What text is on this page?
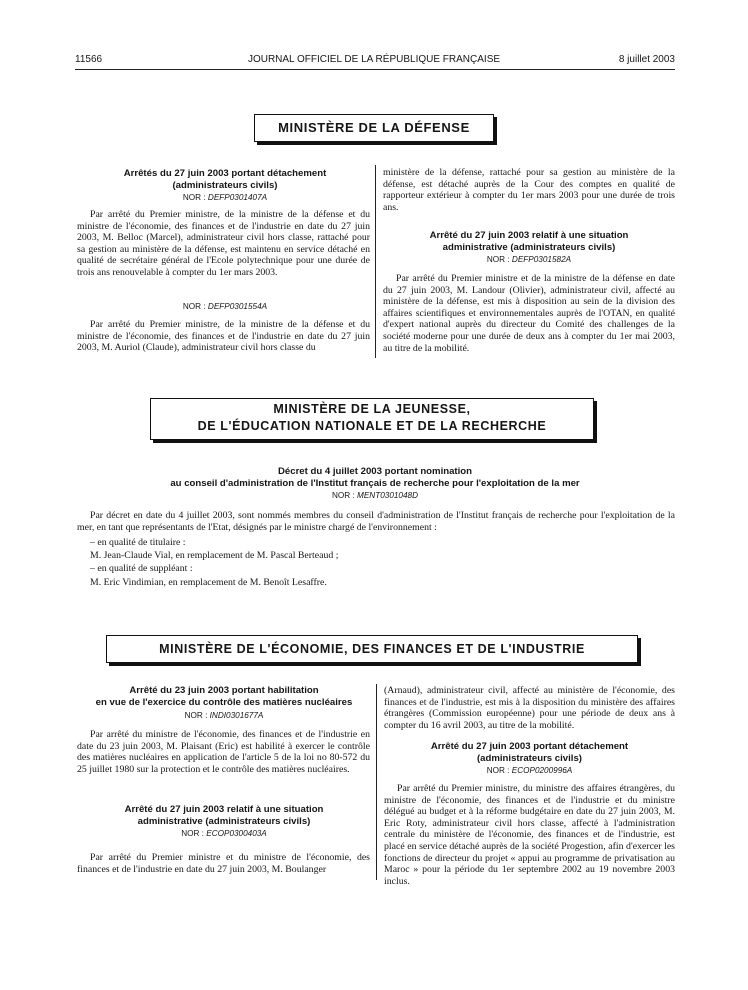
11566	JOURNAL OFFICIEL DE LA RÉPUBLIQUE FRANÇAISE	8 juillet 2003
MINISTÈRE DE LA DÉFENSE
Arrêtés du 27 juin 2003 portant détachement
(administrateurs civils)
NOR : DEFP0301407A

Par arrêté du Premier ministre, de la ministre de la défense et du ministre de l'économie, des finances et de l'industrie en date du 27 juin 2003, M. Belloc (Marcel), administrateur civil hors classe, rattaché pour sa gestion au ministère de la défense, est maintenu en service détaché en qualité de secrétaire général de l'Ecole polytechnique pour une durée de trois ans renouvelable à compter du 1er mars 2003.

NOR : DEFP0301554A

Par arrêté du Premier ministre, de la ministre de la défense et du ministre de l'économie, des finances et de l'industrie en date du 27 juin 2003, M. Auriol (Claude), administrateur civil hors classe du

ministère de la défense, rattaché pour sa gestion au ministère de la défense, est détaché auprès de la Cour des comptes en qualité de rapporteur extérieur à compter du 1er mars 2003 pour une durée de trois ans.

Arrêté du 27 juin 2003 relatif à une situation
administrative (administrateurs civils)
NOR : DEFP0301582A

Par arrêté du Premier ministre et de la ministre de la défense en date du 27 juin 2003, M. Landour (Olivier), administrateur civil, affecté au ministère de la défense, est mis à disposition au sein de la division des affaires scientifiques et environnementales auprès de l'OTAN, en qualité d'expert national auprès du directeur du Comité des challenges de la société moderne pour une durée de deux ans à compter du 1er mai 2003, au titre de la mobilité.

MINISTÈRE DE LA JEUNESSE,
DE L'ÉDUCATION NATIONALE ET DE LA RECHERCHE
Décret du 4 juillet 2003 portant nomination
au conseil d'administration de l'Institut français de recherche pour l'exploitation de la mer
NOR : MENT0301048D

Par décret en date du 4 juillet 2003, sont nommés membres du conseil d'administration de l'Institut français de recherche pour l'exploitation de la mer, en tant que représentants de l'Etat, désignés par le ministre chargé de l'environnement :

– en qualité de titulaire :
M. Jean-Claude Vial, en remplacement de M. Pascal Berteaud ;
– en qualité de suppléant :
M. Eric Vindimian, en remplacement de M. Benoît Lesaffre.
MINISTÈRE DE L'ÉCONOMIE, DES FINANCES ET DE L'INDUSTRIE
Arrêté du 23 juin 2003 portant habilitation
en vue de l'exercice du contrôle des matières nucléaires
NOR : INDI0301677A

Par arrêté du ministre de l'économie, des finances et de l'industrie en date du 23 juin 2003, M. Plaisant (Eric) est habilité à exercer le contrôle des matières nucléaires en application de l'article 5 de la loi no 80-572 du 25 juillet 1980 sur la protection et le contrôle des matières nucléaires.

Arrêté du 27 juin 2003 relatif à une situation
administrative (administrateurs civils)
NOR : ECOP0300403A

Par arrêté du Premier ministre et du ministre de l'économie, des finances et de l'industrie en date du 27 juin 2003, M. Boulanger

(Arnaud), administrateur civil, affecté au ministère de l'économie, des finances et de l'industrie, est mis à la disposition du ministère des affaires étrangères (Commission européenne) pour une période de deux ans à compter du 16 avril 2003, au titre de la mobilité.

Arrêté du 27 juin 2003 portant détachement
(administrateurs civils)
NOR : ECOP0200996A

Par arrêté du Premier ministre, du ministre des affaires étrangères, du ministre de l'économie, des finances et de l'industrie et du ministre délégué au budget et à la réforme budgétaire en date du 27 juin 2003, M. Eric Roty, administrateur civil hors classe, affecté à l'administration centrale du ministère de l'économie, des finances et de l'industrie, est placé en service détaché auprès de la société Progestion, afin d'exercer les fonctions de directeur du projet « appui au programme de privatisation au Maroc » pour la période du 1er septembre 2002 au 19 novembre 2003 inclus.
